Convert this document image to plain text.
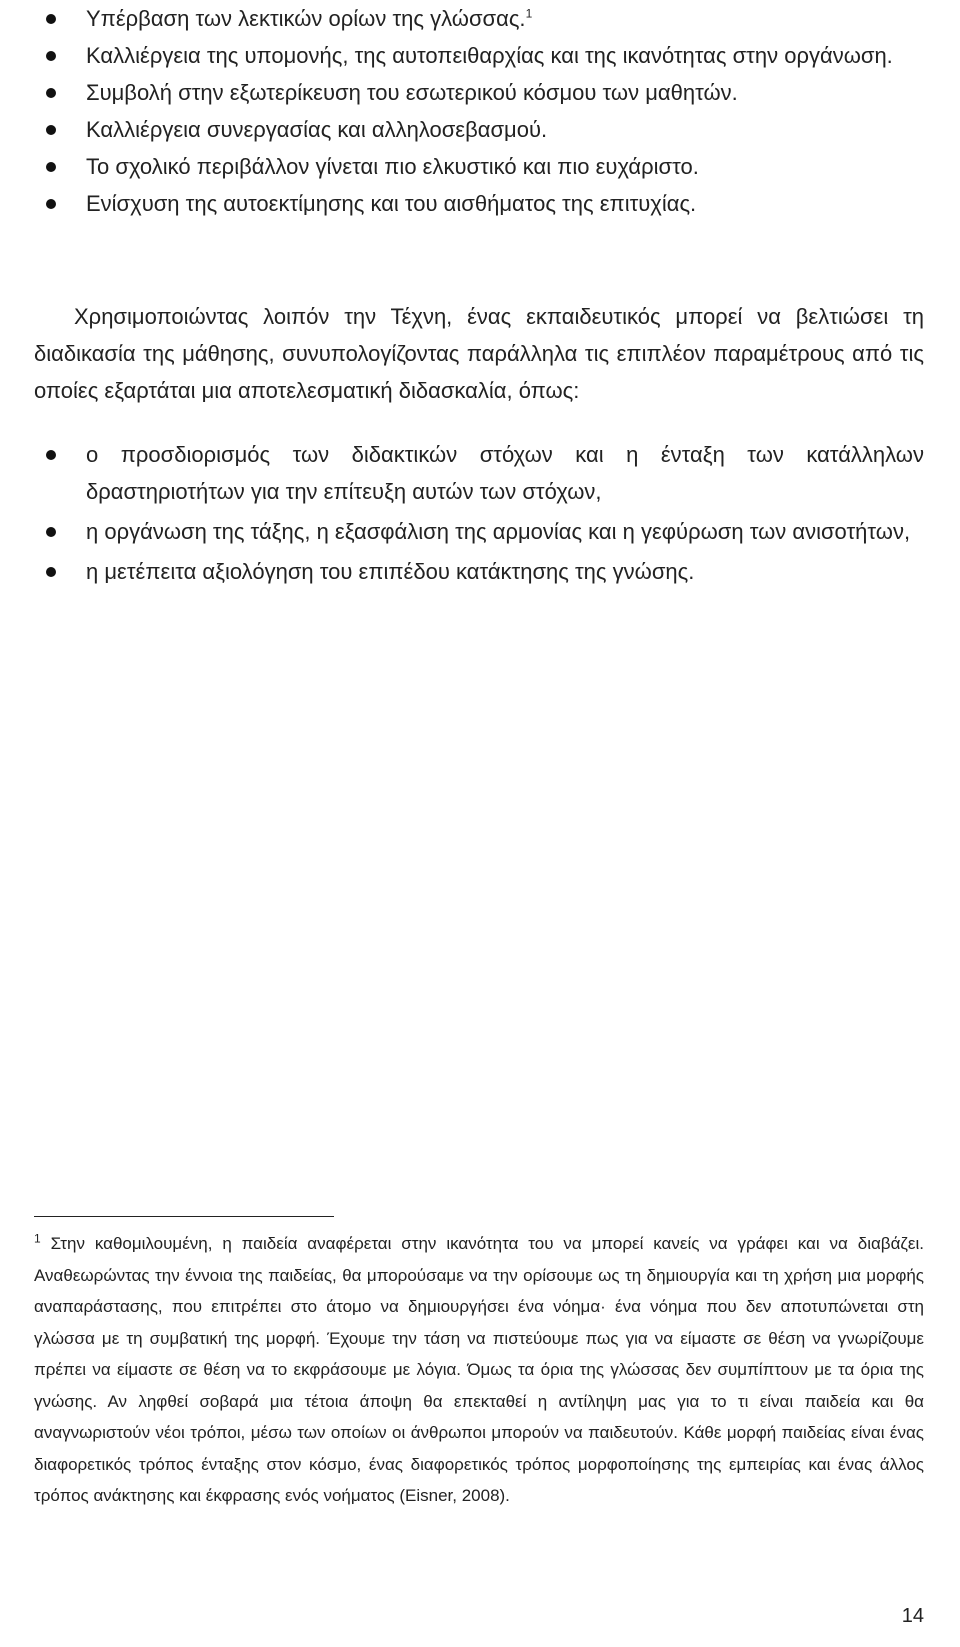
Υπέρβαση των λεκτικών ορίων της γλώσσας.$^1$
Καλλιέργεια της υπομονής, της αυτοπειθαρχίας και της ικανότητας στην οργάνωση.
Συμβολή στην εξωτερίκευση του εσωτερικού κόσμου των μαθητών.
Καλλιέργεια συνεργασίας και αλληλοσεβασμού.
Το σχολικό περιβάλλον γίνεται πιο ελκυστικό και πιο ευχάριστο.
Ενίσχυση της αυτοεκτίμησης και του αισθήματος της επιτυχίας.

Χρησιμοποιώντας λοιπόν την Τέχνη, ένας εκπαιδευτικός μπορεί να βελτιώσει τη διαδικασία της μάθησης, συνυπολογίζοντας παράλληλα τις επιπλέον παραμέτρους από τις οποίες εξαρτάται μια αποτελεσματική διδασκαλία, όπως:

ο προσδιορισμός των διδακτικών στόχων και η ένταξη των κατάλληλων δραστηριοτήτων για την επίτευξη αυτών των στόχων,
η οργάνωση της τάξης, η εξασφάλιση της αρμονίας και η γεφύρωση των ανισοτήτων,
η μετέπειτα αξιολόγηση του επιπέδου κατάκτησης της γνώσης.

$^1$ Στην καθομιλουμένη, η παιδεία αναφέρεται στην ικανότητα του να μπορεί κανείς να γράφει και να διαβάζει. Αναθεωρώντας την έννοια της παιδείας, θα μπορούσαμε να την ορίσουμε ως τη δημιουργία και τη χρήση μια μορφής αναπαράστασης, που επιτρέπει στο άτομο να δημιουργήσει ένα νόημα· ένα νόημα που δεν αποτυπώνεται στη γλώσσα με τη συμβατική της μορφή. Έχουμε την τάση να πιστεύουμε πως για να είμαστε σε θέση να γνωρίζουμε πρέπει να είμαστε σε θέση να το εκφράσουμε με λόγια. Όμως τα όρια της γλώσσας δεν συμπίπτουν με τα όρια της γνώσης. Αν ληφθεί σοβαρά μια τέτοια άποψη θα επεκταθεί η αντίληψη μας για το τι είναι παιδεία και θα αναγνωριστούν νέοι τρόποι, μέσω των οποίων οι άνθρωποι μπορούν να παιδευτούν. Κάθε μορφή παιδείας είναι ένας διαφορετικός τρόπος ένταξης στον κόσμο, ένας διαφορετικός τρόπος μορφοποίησης της εμπειρίας και ένας άλλος τρόπος ανάκτησης και έκφρασης ενός νοήματος (Eisner, 2008).

14
